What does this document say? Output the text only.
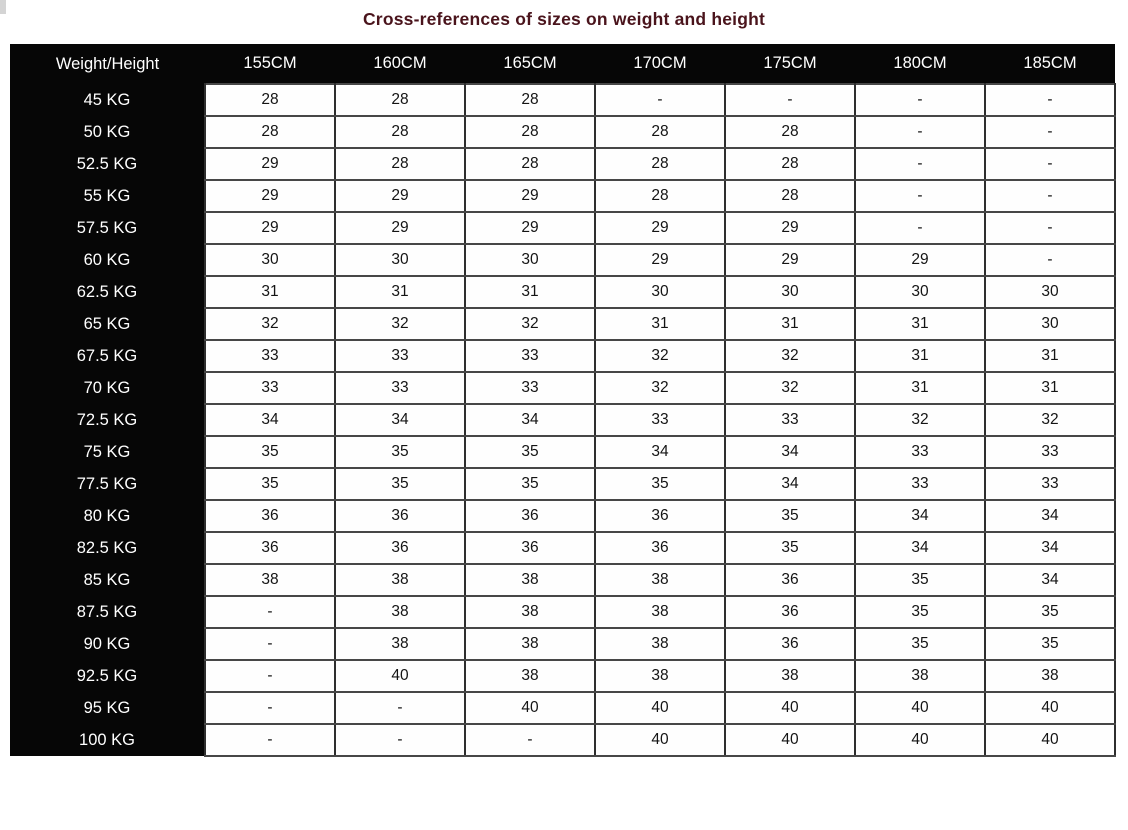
Cross-references of sizes on weight and height
Weight/Height	155CM	160CM	165CM	170CM	175CM	180CM	185CM
45 KG	28	28	28	-	-	-	-
50 KG	28	28	28	28	28	-	-
52.5 KG	29	28	28	28	28	-	-
55 KG	29	29	29	28	28	-	-
57.5 KG	29	29	29	29	29	-	-
60 KG	30	30	30	29	29	29	-
62.5 KG	31	31	31	30	30	30	30
65 KG	32	32	32	31	31	31	30
67.5 KG	33	33	33	32	32	31	31
70 KG	33	33	33	32	32	31	31
72.5 KG	34	34	34	33	33	32	32
75 KG	35	35	35	34	34	33	33
77.5 KG	35	35	35	35	34	33	33
80 KG	36	36	36	36	35	34	34
82.5 KG	36	36	36	36	35	34	34
85 KG	38	38	38	38	36	35	34
87.5 KG	-	38	38	38	36	35	35
90 KG	-	38	38	38	36	35	35
92.5 KG	-	40	38	38	38	38	38
95 KG	-	-	40	40	40	40	40
100 KG	-	-	-	40	40	40	40
